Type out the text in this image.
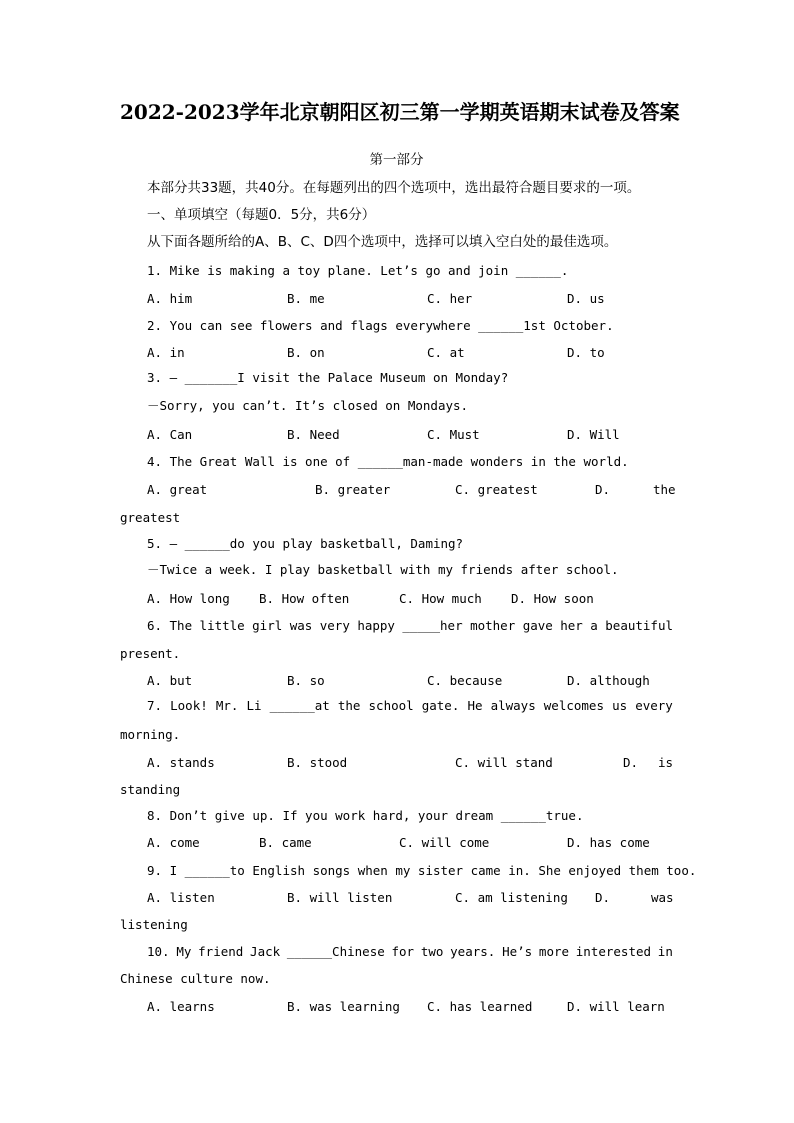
2022-2023学年北京朝阳区初三第一学期英语期末试卷及答案
第一部分
本部分共33题，共40分。在每题列出的四个选项中，选出最符合题目要求的一项。
一、单项填空（每题0．5分，共6分）
从下面各题所给的A、B、C、D四个选项中，选择可以填入空白处的最佳选项。
1. Mike is making a toy plane. Let’s go and join ______.

A. him

	B. me

	C. her

	D. us

2. You can see flowers and flags everywhere ______1st October.

A. in

	B. on

	C. at

	D. to

3. – _______I visit the Palace Museum on Monday?
－Sorry, you can’t. It’s closed on Mondays.

A. Can

	B. Need

	C. Must

	D. Will

4. The Great Wall is one of ______man-made wonders in the world.

A. great

	B. greater

	C. greatest

	D.

	the

greatest
5. – ______do you play basketball, Daming?
－Twice a week. I play basketball with my friends after school.

A. How long

B. How often

	C. How much

D. How soon

6. The little girl was very happy _____her mother gave her a beautiful
present.

A. but

	B. so

	C. because

	D. although

7. Look! Mr. Li ______at the school gate. He always welcomes us every
morning.

A. stands

	B. stood

	C. will stand

	D.

is

standing
8. Don’t give up. If you work hard, your dream ______true.

A. come

	B. came

	C. will come

	D. has come

9. I ______to English songs when my sister came in. She enjoyed them too.

A. listen

	B. will listen

	C. am listening

D.

	was

listening
10. My friend Jack ______Chinese for two years. He’s more interested in
Chinese culture now.

A. learns

	B. was learning

C. has learned

	D. will learn
